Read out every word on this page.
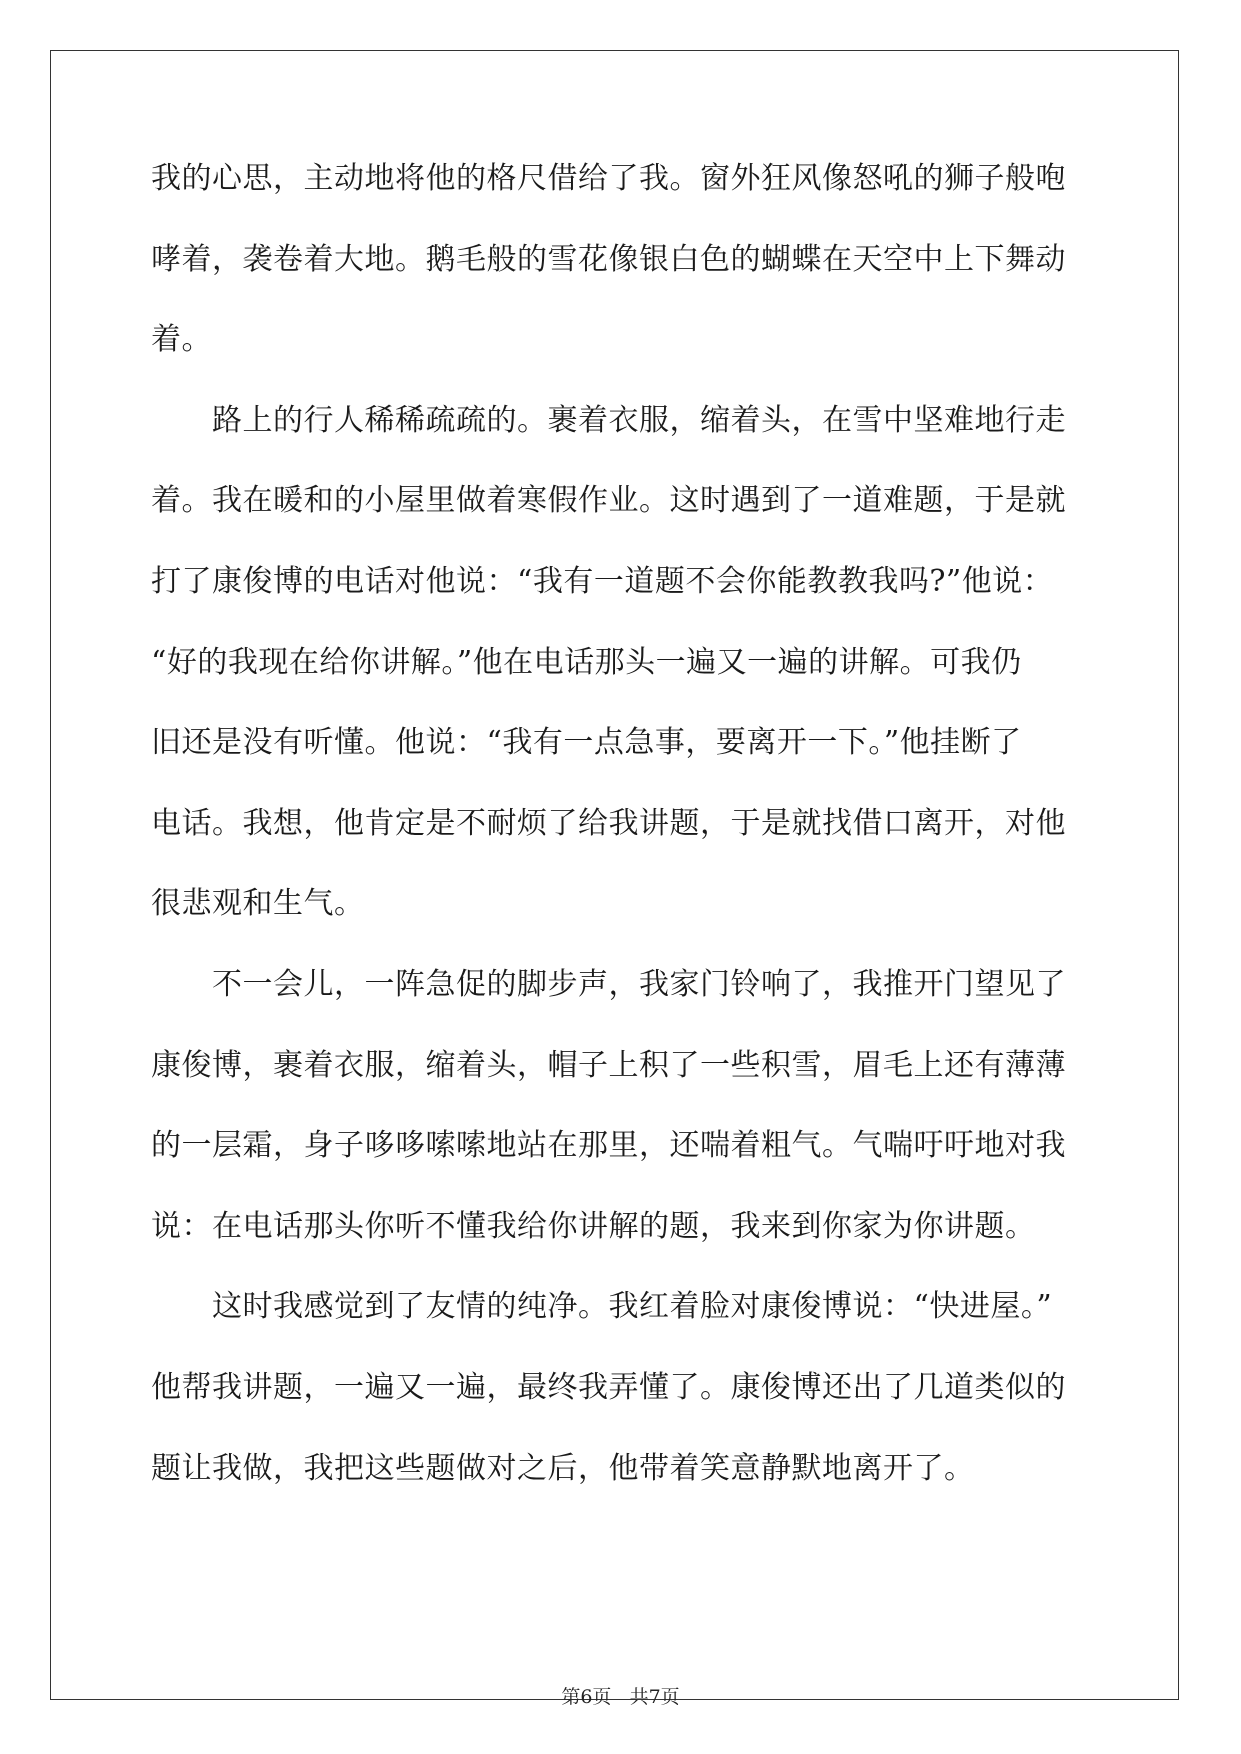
我的心思，主动地将他的格尺借给了我。窗外狂风像怒吼的狮子般咆
哮着，袭卷着大地。鹅毛般的雪花像银白色的蝴蝶在天空中上下舞动
着。
　　路上的行人稀稀疏疏的。裹着衣服，缩着头，在雪中坚难地行走
着。我在暖和的小屋里做着寒假作业。这时遇到了一道难题，于是就
打了康俊博的电话对他说：“我有一道题不会你能教教我吗?”他说：
“好的我现在给你讲解。”他在电话那头一遍又一遍的讲解。可我仍
旧还是没有听懂。他说：“我有一点急事，要离开一下。”他挂断了
电话。我想，他肯定是不耐烦了给我讲题，于是就找借口离开，对他
很悲观和生气。
　　不一会儿，一阵急促的脚步声，我家门铃响了，我推开门望见了
康俊博，裹着衣服，缩着头，帽子上积了一些积雪，眉毛上还有薄薄
的一层霜，身子哆哆嗦嗦地站在那里，还喘着粗气。气喘吁吁地对我
说：在电话那头你听不懂我给你讲解的题，我来到你家为你讲题。
　　这时我感觉到了友情的纯净。我红着脸对康俊博说：“快进屋。”
他帮我讲题，一遍又一遍，最终我弄懂了。康俊博还出了几道类似的
题让我做，我把这些题做对之后，他带着笑意静默地离开了。
第6页 共7页
